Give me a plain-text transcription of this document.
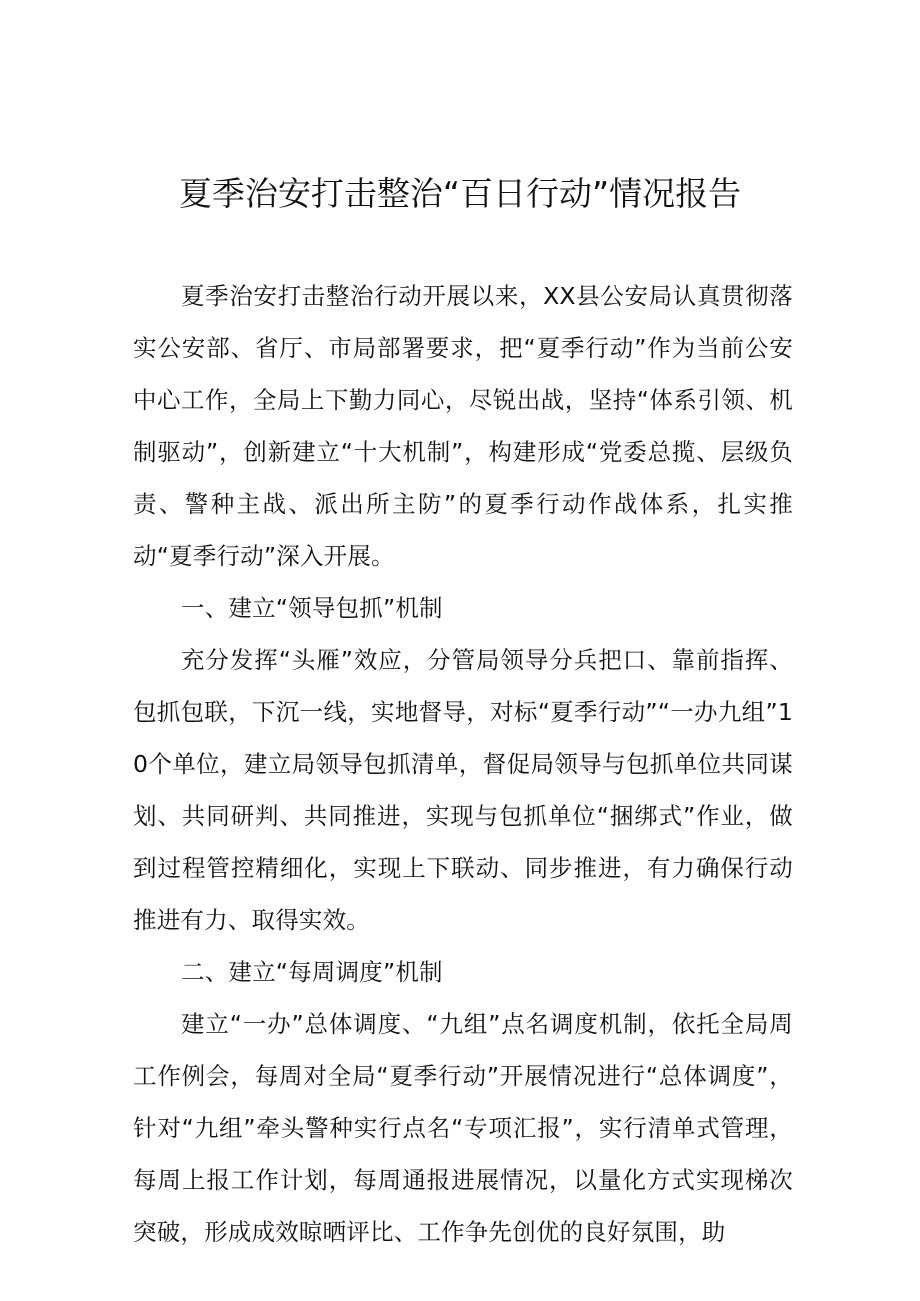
夏季治安打击整治“百日行动”情况报告

夏季治安打击整治行动开展以来，XX县公安局认真贯彻落实公安部、省厅、市局部署要求，把“夏季行动”作为当前公安中心工作，全局上下勤力同心，尽锐出战，坚持“体系引领、机制驱动”，创新建立“十大机制”，构建形成“党委总揽、层级负责、警种主战、派出所主防”的夏季行动作战体系，扎实推动“夏季行动”深入开展。

一、建立“领导包抓”机制

充分发挥“头雁”效应，分管局领导分兵把口、靠前指挥、包抓包联，下沉一线，实地督导，对标“夏季行动”“一办九组”10个单位，建立局领导包抓清单，督促局领导与包抓单位共同谋划、共同研判、共同推进，实现与包抓单位“捆绑式”作业，做到过程管控精细化，实现上下联动、同步推进，有力确保行动推进有力、取得实效。

二、建立“每周调度”机制

建立“一办”总体调度、“九组”点名调度机制，依托全局周工作例会，每周对全局“夏季行动”开展情况进行“总体调度”，针对“九组”牵头警种实行点名“专项汇报”，实行清单式管理，每周上报工作计划，每周通报进展情况，以量化方式实现梯次突破，形成成效晾晒评比、工作争先创优的良好氛围，助
